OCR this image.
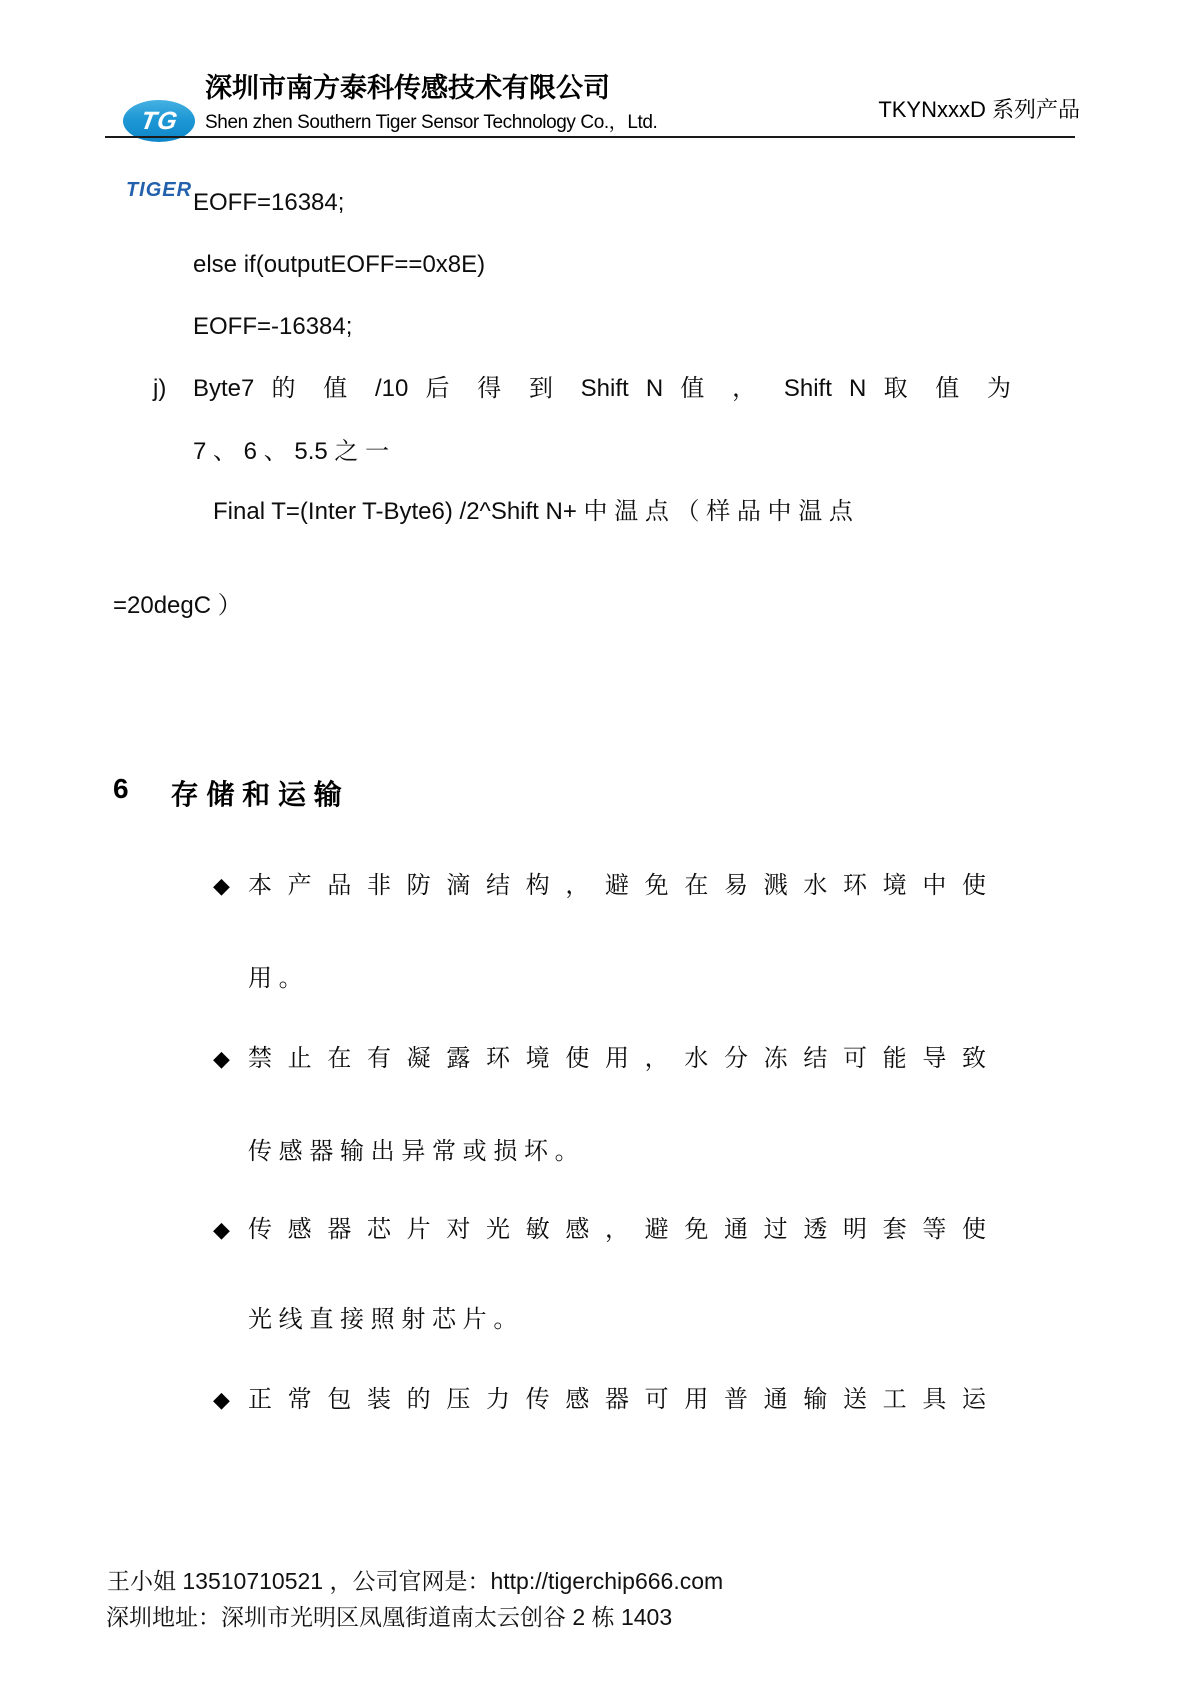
TG

TIGER

深圳市南方泰科传感技术有限公司
Shen zhen Southern Tiger Sensor Technology Co.，Ltd.
TKYNxxxD 系列产品
EOFF=16384;
else if(outputEOFF==0x8E)
EOFF=-16384;
j) Byte7 的 值 /10 后 得 到 Shift N 值 ， Shift N 取 值 为
7 、 6 、 5.5 之 一
Final T=(Inter T-Byte6) /2^Shift N+ 中 温 点 （ 样 品 中 温 点
=20degC ）
6 存 储 和 运 输
◆ 本 产 品 非 防 滴 结 构 ， 避 免 在 易 溅 水 环 境 中 使
用 。
◆ 禁 止 在 有 凝 露 环 境 使 用 ， 水 分 冻 结 可 能 导 致
传 感 器 输 出 异 常 或 损 坏 。
◆ 传 感 器 芯 片 对 光 敏 感 ， 避 免 通 过 透 明 套 等 使
光 线 直 接 照 射 芯 片 。
◆ 正 常 包 装 的 压 力 传 感 器 可 用 普 通 输 送 工 具 运
王小姐 13510710521 ，公司官网是：http://tigerchip666.com
深圳地址：深圳市光明区凤凰街道南太云创谷 2 栋 1403
